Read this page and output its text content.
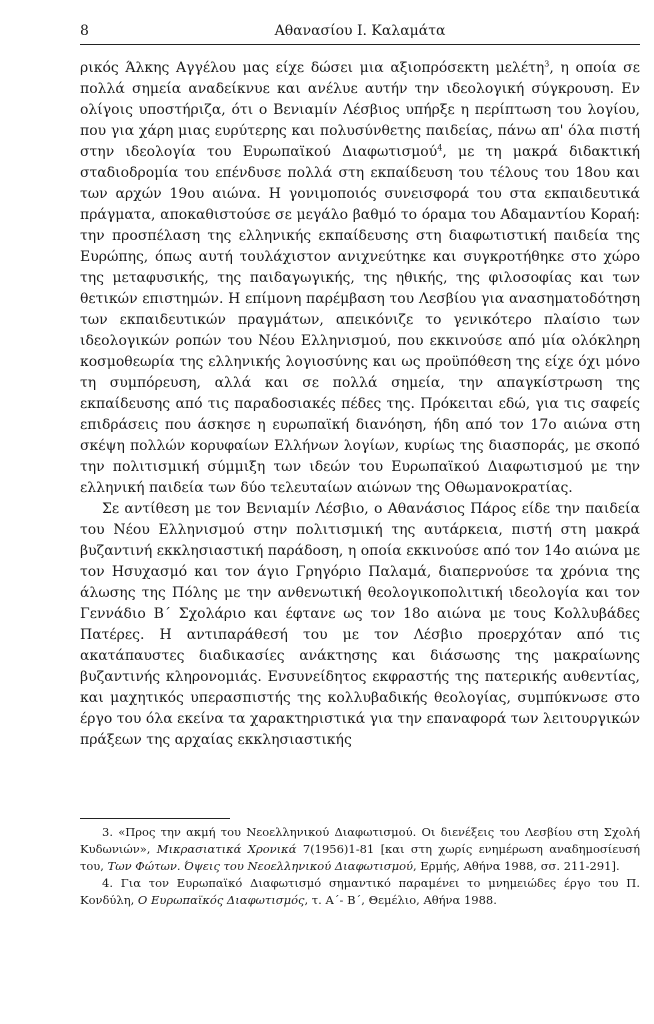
8	Αθανασίου Ι. Καλαμάτα

ρικός Άλκης Αγγέλου μας είχε δώσει μια αξιοπρόσεκτη μελέτη$^3$, η οποία σε πολλά σημεία αναδείκνυε και ανέλυε αυτήν την ιδεολογική σύγκρουση. Εν ολίγοις υποστήριζα, ότι ο Βενιαμίν Λέσβιος υπήρξε η περίπτωση του λογίου, που για χάρη μιας ευρύτερης και πολυσύνθετης παιδείας, πάνω απ' όλα πιστή στην ιδεολογία του Ευρωπαϊκού Διαφωτισμού$^4$, με τη μακρά διδακτική σταδιοδρομία του επένδυσε πολλά στη εκπαίδευση του τέλους του 18ου και των αρχών 19ου αιώνα. Η γονιμοποιός συνεισφορά του στα εκπαιδευτικά πράγματα, αποκαθιστούσε σε μεγάλο βαθμό το όραμα του Αδαμαντίου Κοραή: την προσπέλαση της ελληνικής εκπαίδευσης στη διαφωτιστική παιδεία της Ευρώπης, όπως αυτή τουλάχιστον ανιχνεύτηκε και συγκροτήθηκε στο χώρο της μεταφυσικής, της παιδαγωγικής, της ηθικής, της φιλοσοφίας και των θετικών επιστημών. Η επίμονη παρέμβαση του Λεσβίου για ανασηματοδότηση των εκπαιδευτικών πραγμάτων, απεικόνιζε το γενικότερο πλαίσιο των ιδεολογικών ροπών του Νέου Ελληνισμού, που εκκινούσε από μία ολόκληρη κοσμοθεωρία της ελληνικής λογιοσύνης και ως προϋπόθεση της είχε όχι μόνο τη συμπόρευση, αλλά και σε πολλά σημεία, την απαγκίστρωση της εκπαίδευσης από τις παραδοσιακές πέδες της. Πρόκειται εδώ, για τις σαφείς επιδράσεις που άσκησε η ευρωπαϊκή διανόηση, ήδη από τον 17ο αιώνα στη σκέψη πολλών κορυφαίων Ελλήνων λογίων, κυρίως της διασποράς, με σκοπό την πολιτισμική σύμμιξη των ιδεών του Ευρωπαϊκού Διαφωτισμού με την ελληνική παιδεία των δύο τελευταίων αιώνων της Οθωμανοκρατίας.

Σε αντίθεση με τον Βενιαμίν Λέσβιο, ο Αθανάσιος Πάρος είδε την παιδεία του Νέου Ελληνισμού στην πολιτισμική της αυτάρκεια, πιστή στη μακρά βυζαντινή εκκλησιαστική παράδοση, η οποία εκκινούσε από τον 14ο αιώνα με τον Ησυχασμό και τον άγιο Γρηγόριο Παλαμά, διαπερνούσε τα χρόνια της άλωσης της Πόλης με την ανθενωτική θεολογικοπολιτική ιδεολογία και τον Γεννάδιο Β΄ Σχολάριο και έφτανε ως τον 18ο αιώνα με τους Κολλυβάδες Πατέρες. Η αντιπαράθεσή του με τον Λέσβιο προερχόταν από τις ακατάπαυστες διαδικασίες ανάκτησης και διάσωσης της μακραίωνης βυζαντινής κληρονομιάς. Ενσυνείδητος εκφραστής της πατερικής αυθεντίας, και μαχητικός υπερασπιστής της κολλυβαδικής θεολογίας, συμπύκνωσε στο έργο του όλα εκείνα τα χαρακτηριστικά για την επαναφορά των λειτουργικών πράξεων της αρχαίας εκκλησιαστικής

3. «Προς την ακμή του Νεοελληνικού Διαφωτισμού. Οι διενέξεις του Λεσβίου στη Σχολή Κυδωνιών», Μικρασιατικά Χρονικά 7(1956)1-81 [και στη χωρίς ενημέρωση αναδημοσίευσή του, Των Φώτων. Όψεις του Νεοελληνικού Διαφωτισμού, Ερμής, Αθήνα 1988, σσ. 211-291].

4. Για τον Ευρωπαϊκό Διαφωτισμό σημαντικό παραμένει το μνημειώδες έργο του Π. Κονδύλη, Ο Ευρωπαϊκός Διαφωτισμός, τ. Α΄- Β΄, Θεμέλιο, Αθήνα 1988.
